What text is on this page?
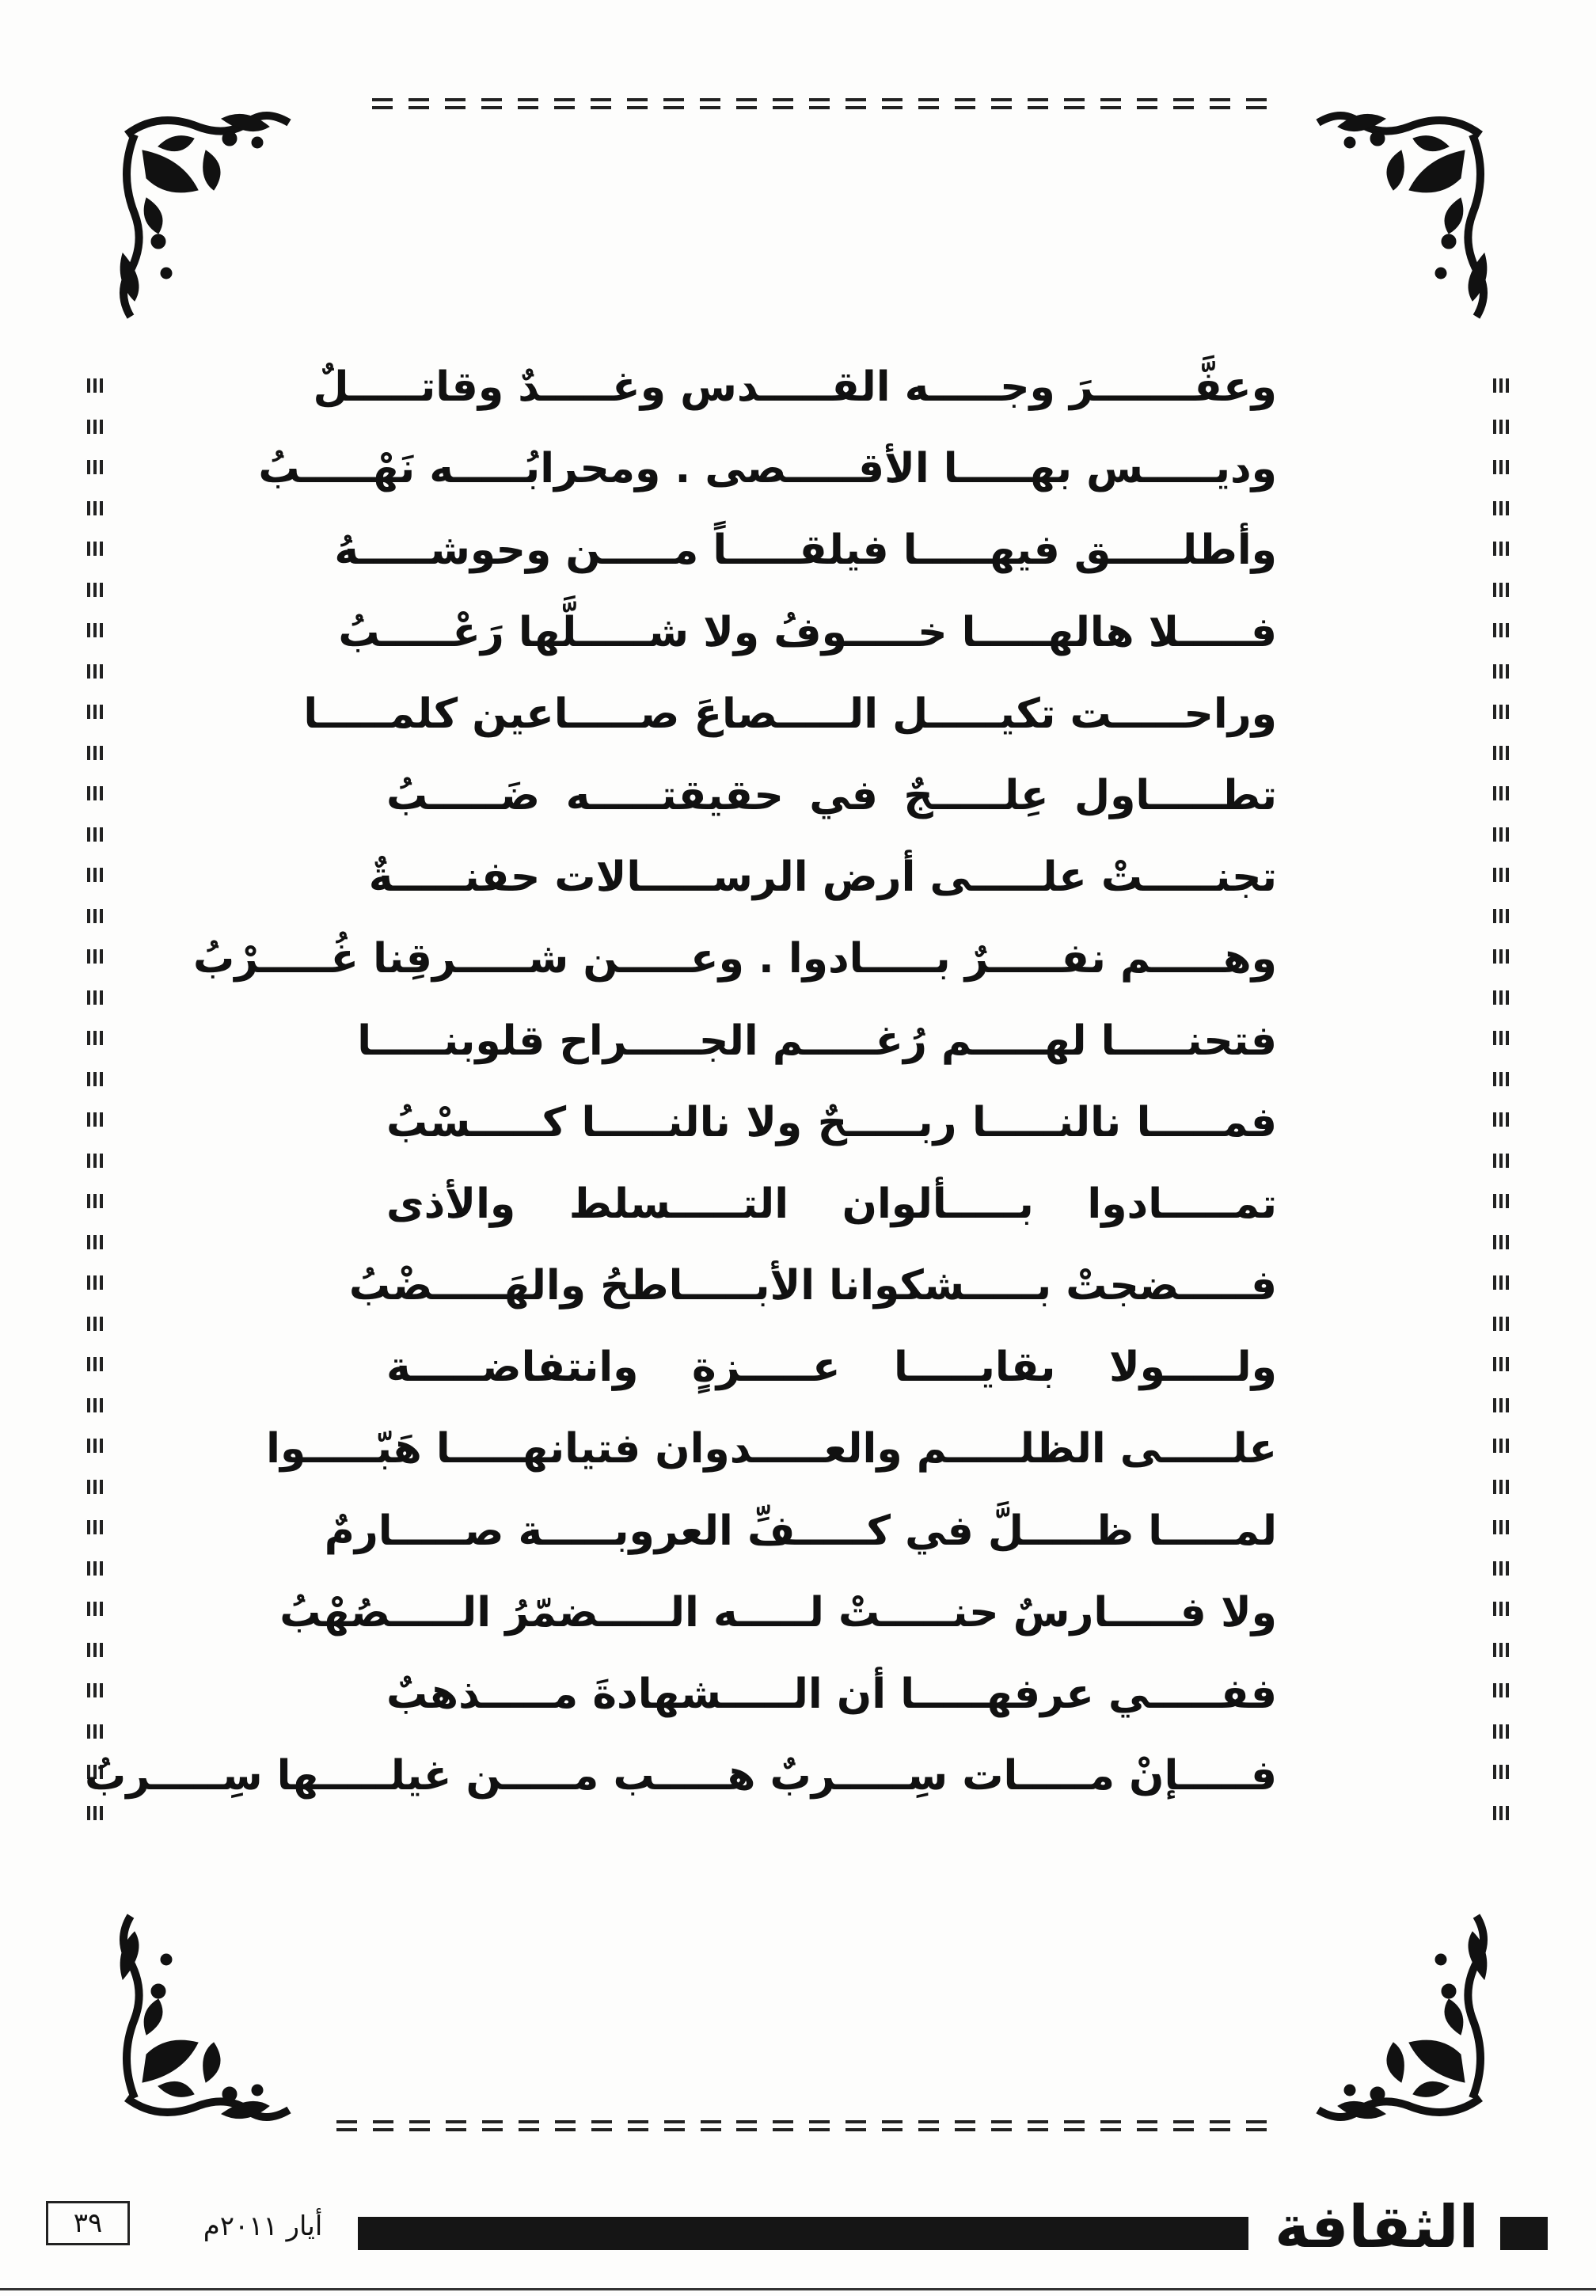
وعفَّـــــــرَ وجـــــه القـــــدس وغـــــدٌ وقاتـــــلٌ
وديـــــس بهـــــا الأقـــــصى . ومحرابُـــــه نَهْـــــبُ
وأطلـــــق فيهـــــا فيلقـــــاً مـــــن وحوشـــــهُ
فـــــلا هالهـــــا خـــــوفُ ولا شـــــلَّها رَعْـــــبُ
وراحـــــت تكيـــــل الـــــصاعَ صـــــاعين كلمـــــا
تطـــــاول عِلـــــجٌ في حقيقتـــــه ضَـــــبُ
تجنـــــتْ علـــــى أرض الرســـــالات حفنـــــةٌ
وهـــــم نفـــــرٌ بـــــادوا . وعـــــن شـــــرقِنا غُـــــرْبُ
فتحنـــــا لهـــــم رُغـــــم الجـــــراح قلوبنـــــا
فمـــــا نالنـــــا ربـــــحٌ ولا نالنـــــا كـــــسْبُ
تمـــــادوا بـــــألوان التـــــسلط والأذى
فـــــضجتْ بـــــشكوانا الأبـــــاطحُ والهَـــــضْبُ
ولـــــولا بقايـــــا عـــــزةٍ وانتفاضـــــة
علـــــى الظلـــــم والعـــــدوان فتيانهـــــا هَبّـــــوا
لمـــــا ظـــــلَّ في كـــــفِّ العروبـــــة صـــــارمٌ
ولا فـــــارسٌ حنـــــتْ لـــــه الـــــضمّرُ الـــــصُهْبُ
ففـــــي عرفهـــــا أن الـــــشهادةَ مـــــذهبٌ
فـــــإنْ مـــــات سِـــــربٌ هـــــب مـــــن غيلـــــها سِـــــربُ
الثقافة
أيار ٢٠١١م
٣٩
